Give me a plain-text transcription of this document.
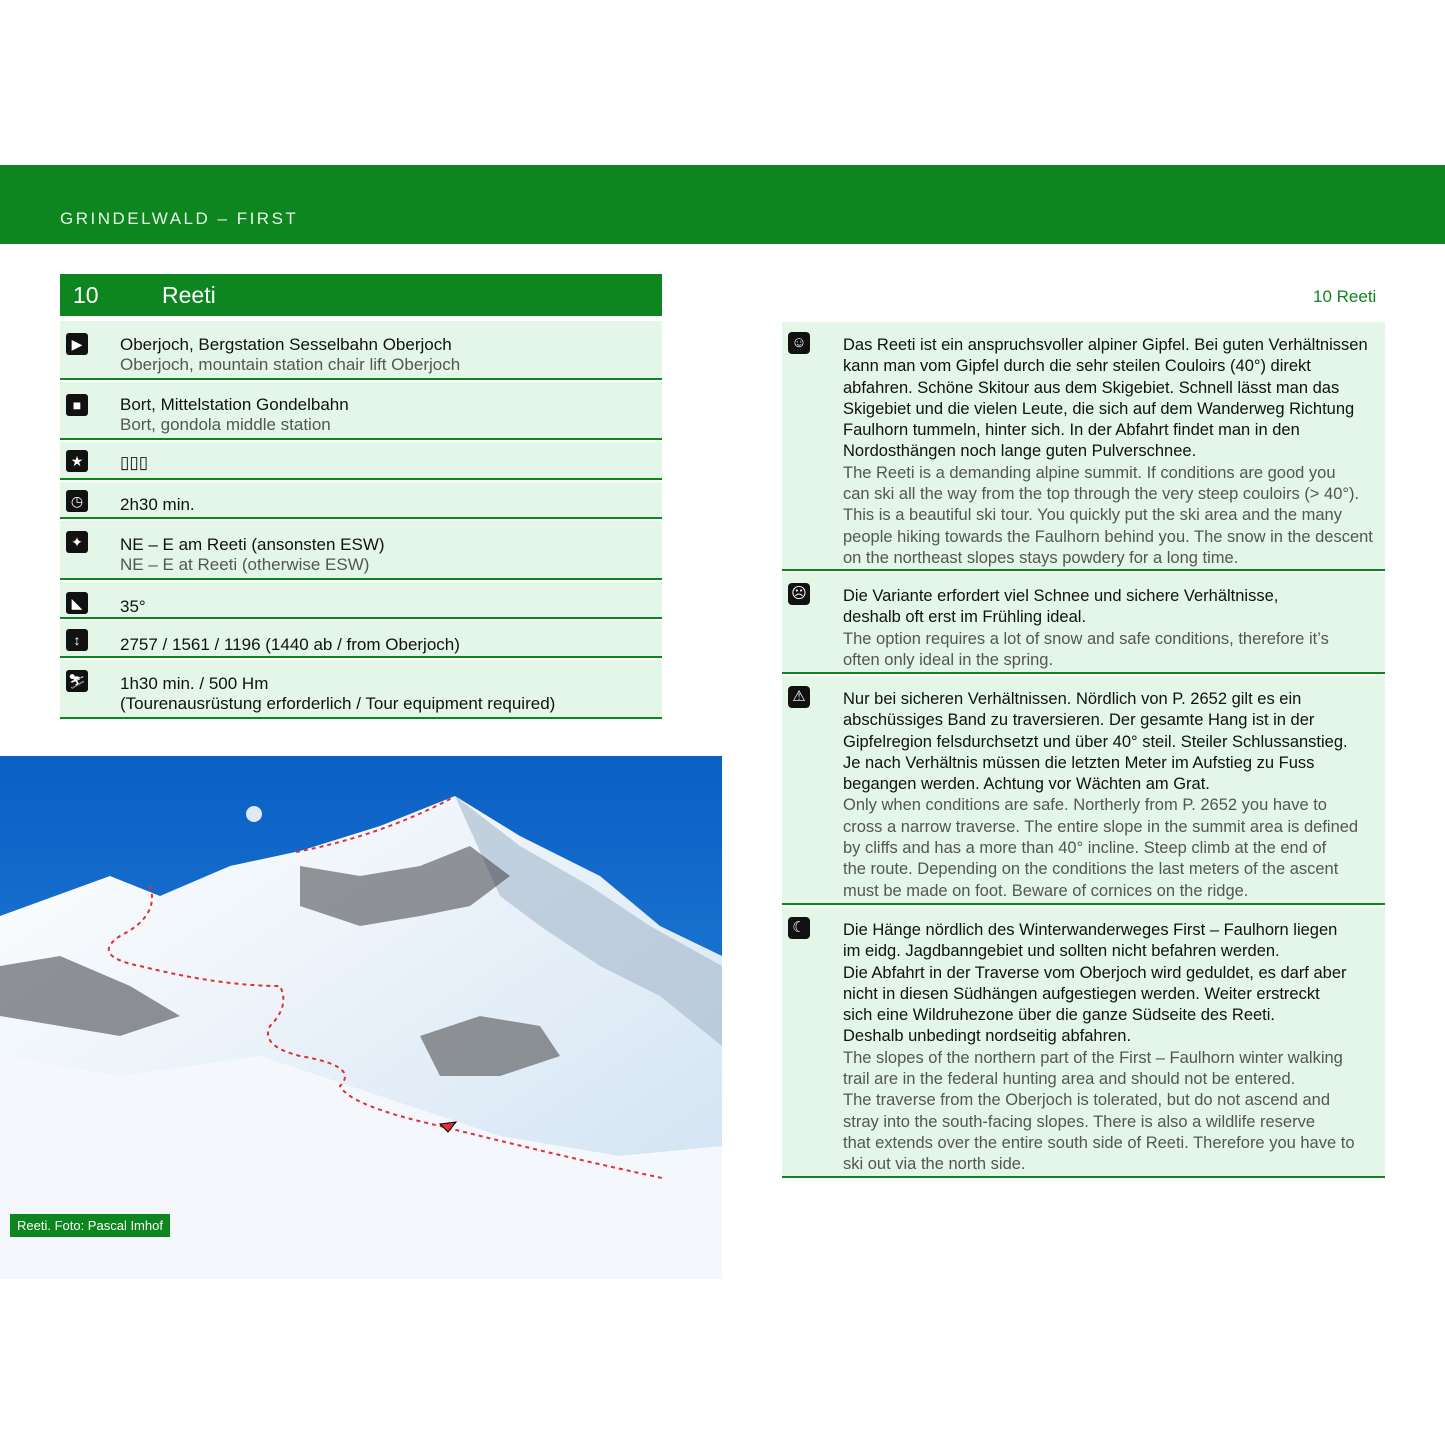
GRINDELWALD – FIRST
10	Reeti
▶	Oberjoch, Bergstation Sesselbahn Oberjoch
Oberjoch, mountain station chair lift Oberjoch
■	Bort, Mittelstation Gondelbahn
Bort, gondola middle station
★ ▯▯▯
◷ 2h30 min.
✦	NE – E am Reeti (ansonsten ESW)
NE – E at Reeti (otherwise ESW)
◣	35°
↕	2757 / 1561 / 1196 (1440 ab / from Oberjoch)
⛷ 1h30 min. / 500 Hm
(Tourenausrüstung erforderlich / Tour equipment required)
Reeti. Foto: Pascal Imhof
10 Reeti
☺ Das Reeti ist ein anspruchsvoller alpiner Gipfel. Bei guten Verhältnissen

kann man vom Gipfel durch die sehr steilen Couloirs (40°) direkt

abfahren. Schöne Skitour aus dem Skigebiet. Schnell lässt man das

Skigebiet und die vielen Leute, die sich auf dem Wanderweg Richtung

Faulhorn tummeln, hinter sich. In der Abfahrt findet man in den

Nordosthängen noch lange guten Pulverschnee.

The Reeti is a demanding alpine summit. If conditions are good you

can ski all the way from the top through the very steep couloirs (> 40°).

This is a beautiful ski tour. You quickly put the ski area and the many

people hiking towards the Faulhorn behind you. The snow in the descent

on the northeast slopes stays powdery for a long time.

☹ Die Variante erfordert viel Schnee und sichere Verhältnisse,

deshalb oft erst im Frühling ideal.

The option requires a lot of snow and safe conditions, therefore it’s

often only ideal in the spring.

⚠ Nur bei sicheren Verhältnissen. Nördlich von P. 2652 gilt es ein

abschüssiges Band zu traversieren. Der gesamte Hang ist in der

Gipfelregion felsdurchsetzt und über 40° steil. Steiler Schlussanstieg.

Je nach Verhältnis müssen die letzten Meter im Aufstieg zu Fuss

begangen werden. Achtung vor Wächten am Grat.

Only when conditions are safe. Northerly from P. 2652 you have to

cross a narrow traverse. The entire slope in the summit area is defined

by cliffs and has a more than 40° incline. Steep climb at the end of

the route. Depending on the conditions the last meters of the ascent

must be made on foot. Beware of cornices on the ridge.

☾ Die Hänge nördlich des Winterwanderweges First – Faulhorn liegen

im eidg. Jagdbanngebiet und sollten nicht befahren werden.

Die Abfahrt in der Traverse vom Oberjoch wird geduldet, es darf aber

nicht in diesen Südhängen aufgestiegen werden. Weiter erstreckt

sich eine Wildruhezone über die ganze Südseite des Reeti.

Deshalb unbedingt nordseitig abfahren.

The slopes of the northern part of the First – Faulhorn winter walking

trail are in the federal hunting area and should not be entered.

The traverse from the Oberjoch is tolerated, but do not ascend and

stray into the south-facing slopes. There is also a wildlife reserve

that extends over the entire south side of Reeti. Therefore you have to

ski out via the north side.
